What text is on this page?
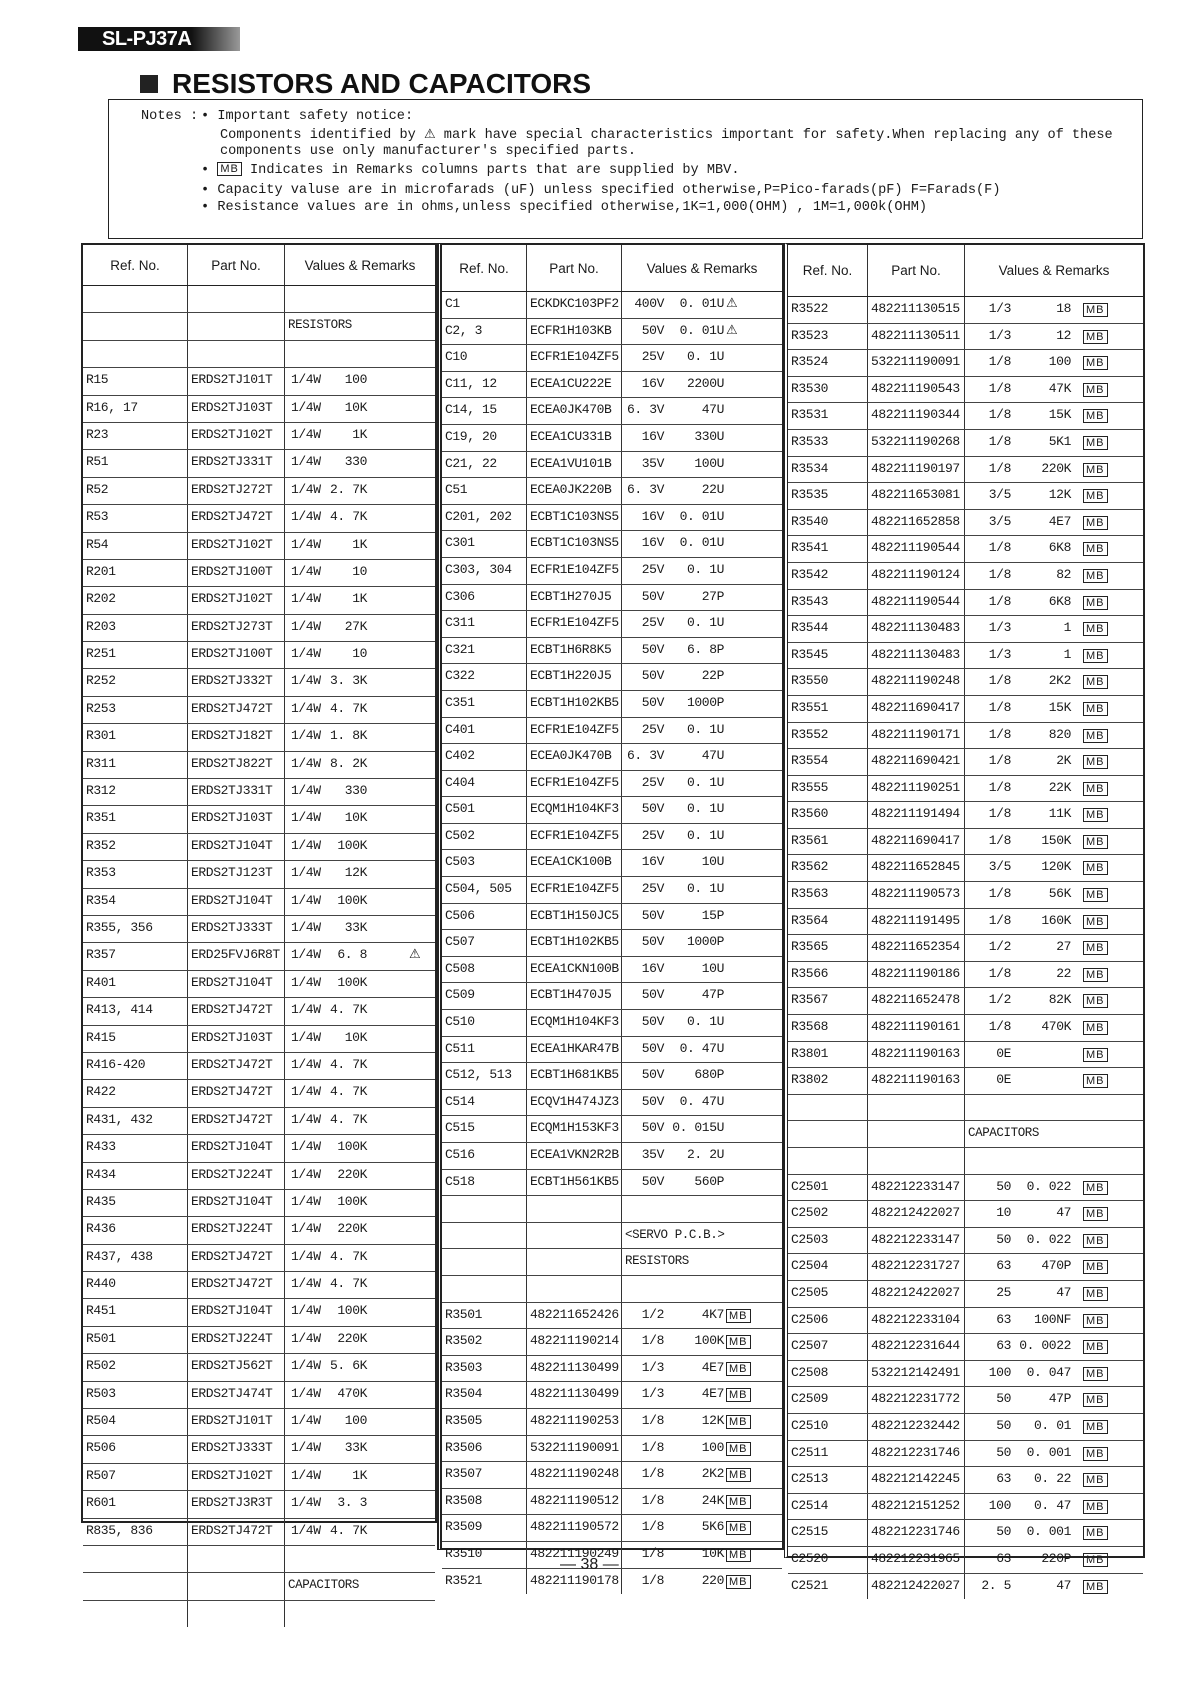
SL-PJ37A
RESISTORS AND CAPACITORS
Notes : • Important safety notice:
Components identified by ⚠ mark have special characteristics important for safety.When replacing any of these
components use only manufacturer's specified parts.
• MB Indicates in Remarks columns parts that are supplied by MBV.
• Capacity valuse are in microfarads (uF) unless specified otherwise,P=Pico-farads(pF) F=Farads(F)
• Resistance values are in ohms,unless specified otherwise,1K=1,000(OHM) , 1M=1,000k(OHM)
Ref. No.	Part No.	Values & Remarks
RESISTORS
R15	ERDS2TJ101T	1/4W 100
R16, 17	ERDS2TJ103T	1/4W 10K
R23	ERDS2TJ102T	1/4W 1K
R51	ERDS2TJ331T	1/4W 330
R52	ERDS2TJ272T	1/4W 2. 7K
R53	ERDS2TJ472T	1/4W 4. 7K
R54	ERDS2TJ102T	1/4W 1K
R201	ERDS2TJ100T	1/4W 10
R202	ERDS2TJ102T	1/4W 1K
R203	ERDS2TJ273T	1/4W 27K
R251	ERDS2TJ100T	1/4W 10
R252	ERDS2TJ332T	1/4W 3. 3K
R253	ERDS2TJ472T	1/4W 4. 7K
R301	ERDS2TJ182T	1/4W 1. 8K
R311	ERDS2TJ822T	1/4W 8. 2K
R312	ERDS2TJ331T	1/4W 330
R351	ERDS2TJ103T	1/4W 10K
R352	ERDS2TJ104T	1/4W 100K
R353	ERDS2TJ123T	1/4W 12K
R354	ERDS2TJ104T	1/4W 100K
R355, 356	ERDS2TJ333T	1/4W 33K
R357	ERD25FVJ6R8T 1/4W 6. 8	⚠
R401	ERDS2TJ104T	1/4W 100K
R413, 414	ERDS2TJ472T	1/4W 4. 7K
R415	ERDS2TJ103T	1/4W 10K
R416-420	ERDS2TJ472T	1/4W 4. 7K
R422	ERDS2TJ472T	1/4W 4. 7K
R431, 432	ERDS2TJ472T	1/4W 4. 7K
R433	ERDS2TJ104T	1/4W 100K
R434	ERDS2TJ224T	1/4W 220K
R435	ERDS2TJ104T	1/4W 100K
R436	ERDS2TJ224T	1/4W 220K
R437, 438	ERDS2TJ472T	1/4W 4. 7K
R440	ERDS2TJ472T	1/4W 4. 7K
R451	ERDS2TJ104T	1/4W 100K
R501	ERDS2TJ224T	1/4W 220K
R502	ERDS2TJ562T	1/4W 5. 6K
R503	ERDS2TJ474T	1/4W 470K
R504	ERDS2TJ101T	1/4W 100
R506	ERDS2TJ333T	1/4W 33K
R507	ERDS2TJ102T	1/4W 1K
R601	ERDS2TJ3R3T	1/4W 3. 3
R835, 836	ERDS2TJ472T	1/4W 4. 7K
CAPACITORS
Ref. No.	Part No.	Values & Remarks
C1	ECKDKC103PF2 400V 0. 01U ⚠
C2, 3	ECFR1H103KB	50V 0. 01U ⚠
C10	ECFR1E104ZF5 25V 0. 1U
C11, 12	ECEA1CU222E	16V 2200U
C14, 15	ECEA0JK470B	6. 3V	47U
C19, 20	ECEA1CU331B	16V 330U
C21, 22	ECEA1VU101B	35V 100U
C51	ECEA0JK220B	6. 3V	22U
C201, 202	ECBT1C103NS5 16V 0. 01U
C301	ECBT1C103NS5 16V 0. 01U
C303, 304	ECFR1E104ZF5 25V 0. 1U
C306	ECBT1H270J5	50V	27P
C311	ECFR1E104ZF5 25V 0. 1U
C321	ECBT1H6R8K5	50V 6. 8P
C322	ECBT1H220J5	50V	22P
C351	ECBT1H102KB5 50V 1000P
C401	ECFR1E104ZF5 25V 0. 1U
C402	ECEA0JK470B	6. 3V	47U
C404	ECFR1E104ZF5 25V 0. 1U
C501	ECQM1H104KF3 50V 0. 1U
C502	ECFR1E104ZF5 25V 0. 1U
C503	ECEA1CK100B	16V	10U
C504, 505	ECFR1E104ZF5 25V 0. 1U
C506	ECBT1H150JC5 50V	15P
C507	ECBT1H102KB5 50V 1000P
C508	ECEA1CKN100B 16V	10U
C509	ECBT1H470J5	50V	47P
C510	ECQM1H104KF3 50V 0. 1U
C511	ECEA1HKAR47B 50V 0. 47U
C512, 513	ECBT1H681KB5 50V 680P
C514	ECQV1H474JZ3 50V 0. 47U
C515	ECQM1H153KF3 50V 0. 015U
C516	ECEA1VKN2R2B 35V 2. 2U
C518	ECBT1H561KB5 50V 560P
<SERVO P.C.B.>
RESISTORS
R3501	482211652426 1/2	4K7 MB
R3502	482211190214 1/8 100K MB
R3503	482211130499 1/3	4E7 MB
R3504	482211130499 1/3	4E7 MB
R3505	482211190253 1/8	12K MB
R3506	532211190091 1/8	100 MB
R3507	482211190248 1/8	2K2 MB
R3508	482211190512 1/8	24K MB
R3509	482211190572 1/8	5K6 MB
R3510	482211190249 1/8	10K MB
R3521	482211190178 1/8	220 MB
Ref. No.	Part No.	Values & Remarks
R3522	482211130515	1/3	18 MB
R3523	482211130511	1/3	12 MB
R3524	532211190091	1/8	100 MB
R3530	482211190543	1/8	47K MB
R3531	482211190344	1/8	15K MB
R3533	532211190268	1/8	5K1 MB
R3534	482211190197	1/8 220K MB
R3535	482211653081	3/5	12K MB
R3540	482211652858	3/5	4E7 MB
R3541	482211190544	1/8	6K8 MB
R3542	482211190124	1/8	82 MB
R3543	482211190544	1/8	6K8 MB
R3544	482211130483	1/3	1 MB
R3545	482211130483	1/3	1 MB
R3550	482211190248	1/8	2K2 MB
R3551	482211690417	1/8	15K MB
R3552	482211190171	1/8	820 MB
R3554	482211690421	1/8	2K MB
R3555	482211190251	1/8	22K MB
R3560	482211191494	1/8	11K MB
R3561	482211690417	1/8 150K MB
R3562	482211652845	3/5 120K MB
R3563	482211190573	1/8	56K MB
R3564	482211191495	1/8 160K MB
R3565	482211652354	1/2	27 MB
R3566	482211190186	1/8	22 MB
R3567	482211652478	1/2	82K MB
R3568	482211190161	1/8 470K MB
R3801	482211190163	0E	MB
R3802	482211190163	0E	MB
CAPACITORS
C2501	482212233147	50 0. 022 MB
C2502	482212422027	10	47 MB
C2503	482212233147	50 0. 022 MB
C2504	482212231727	63 470P MB
C2505	482212422027	25	47 MB
C2506	482212233104	63 100NF MB
C2507	482212231644	63 0. 0022 MB
C2508	532212142491	100 0. 047 MB
C2509	482212231772	50	47P MB
C2510	482212232442	50 0. 01 MB
C2511	482212231746	50 0. 001 MB
C2513	482212142245	63 0. 22 MB
C2514	482212151252	100 0. 47 MB
C2515	482212231746	50 0. 001 MB
C2520	482212231965	63 220P MB
C2521	482212422027	2. 5	47 MB
— 38 —
